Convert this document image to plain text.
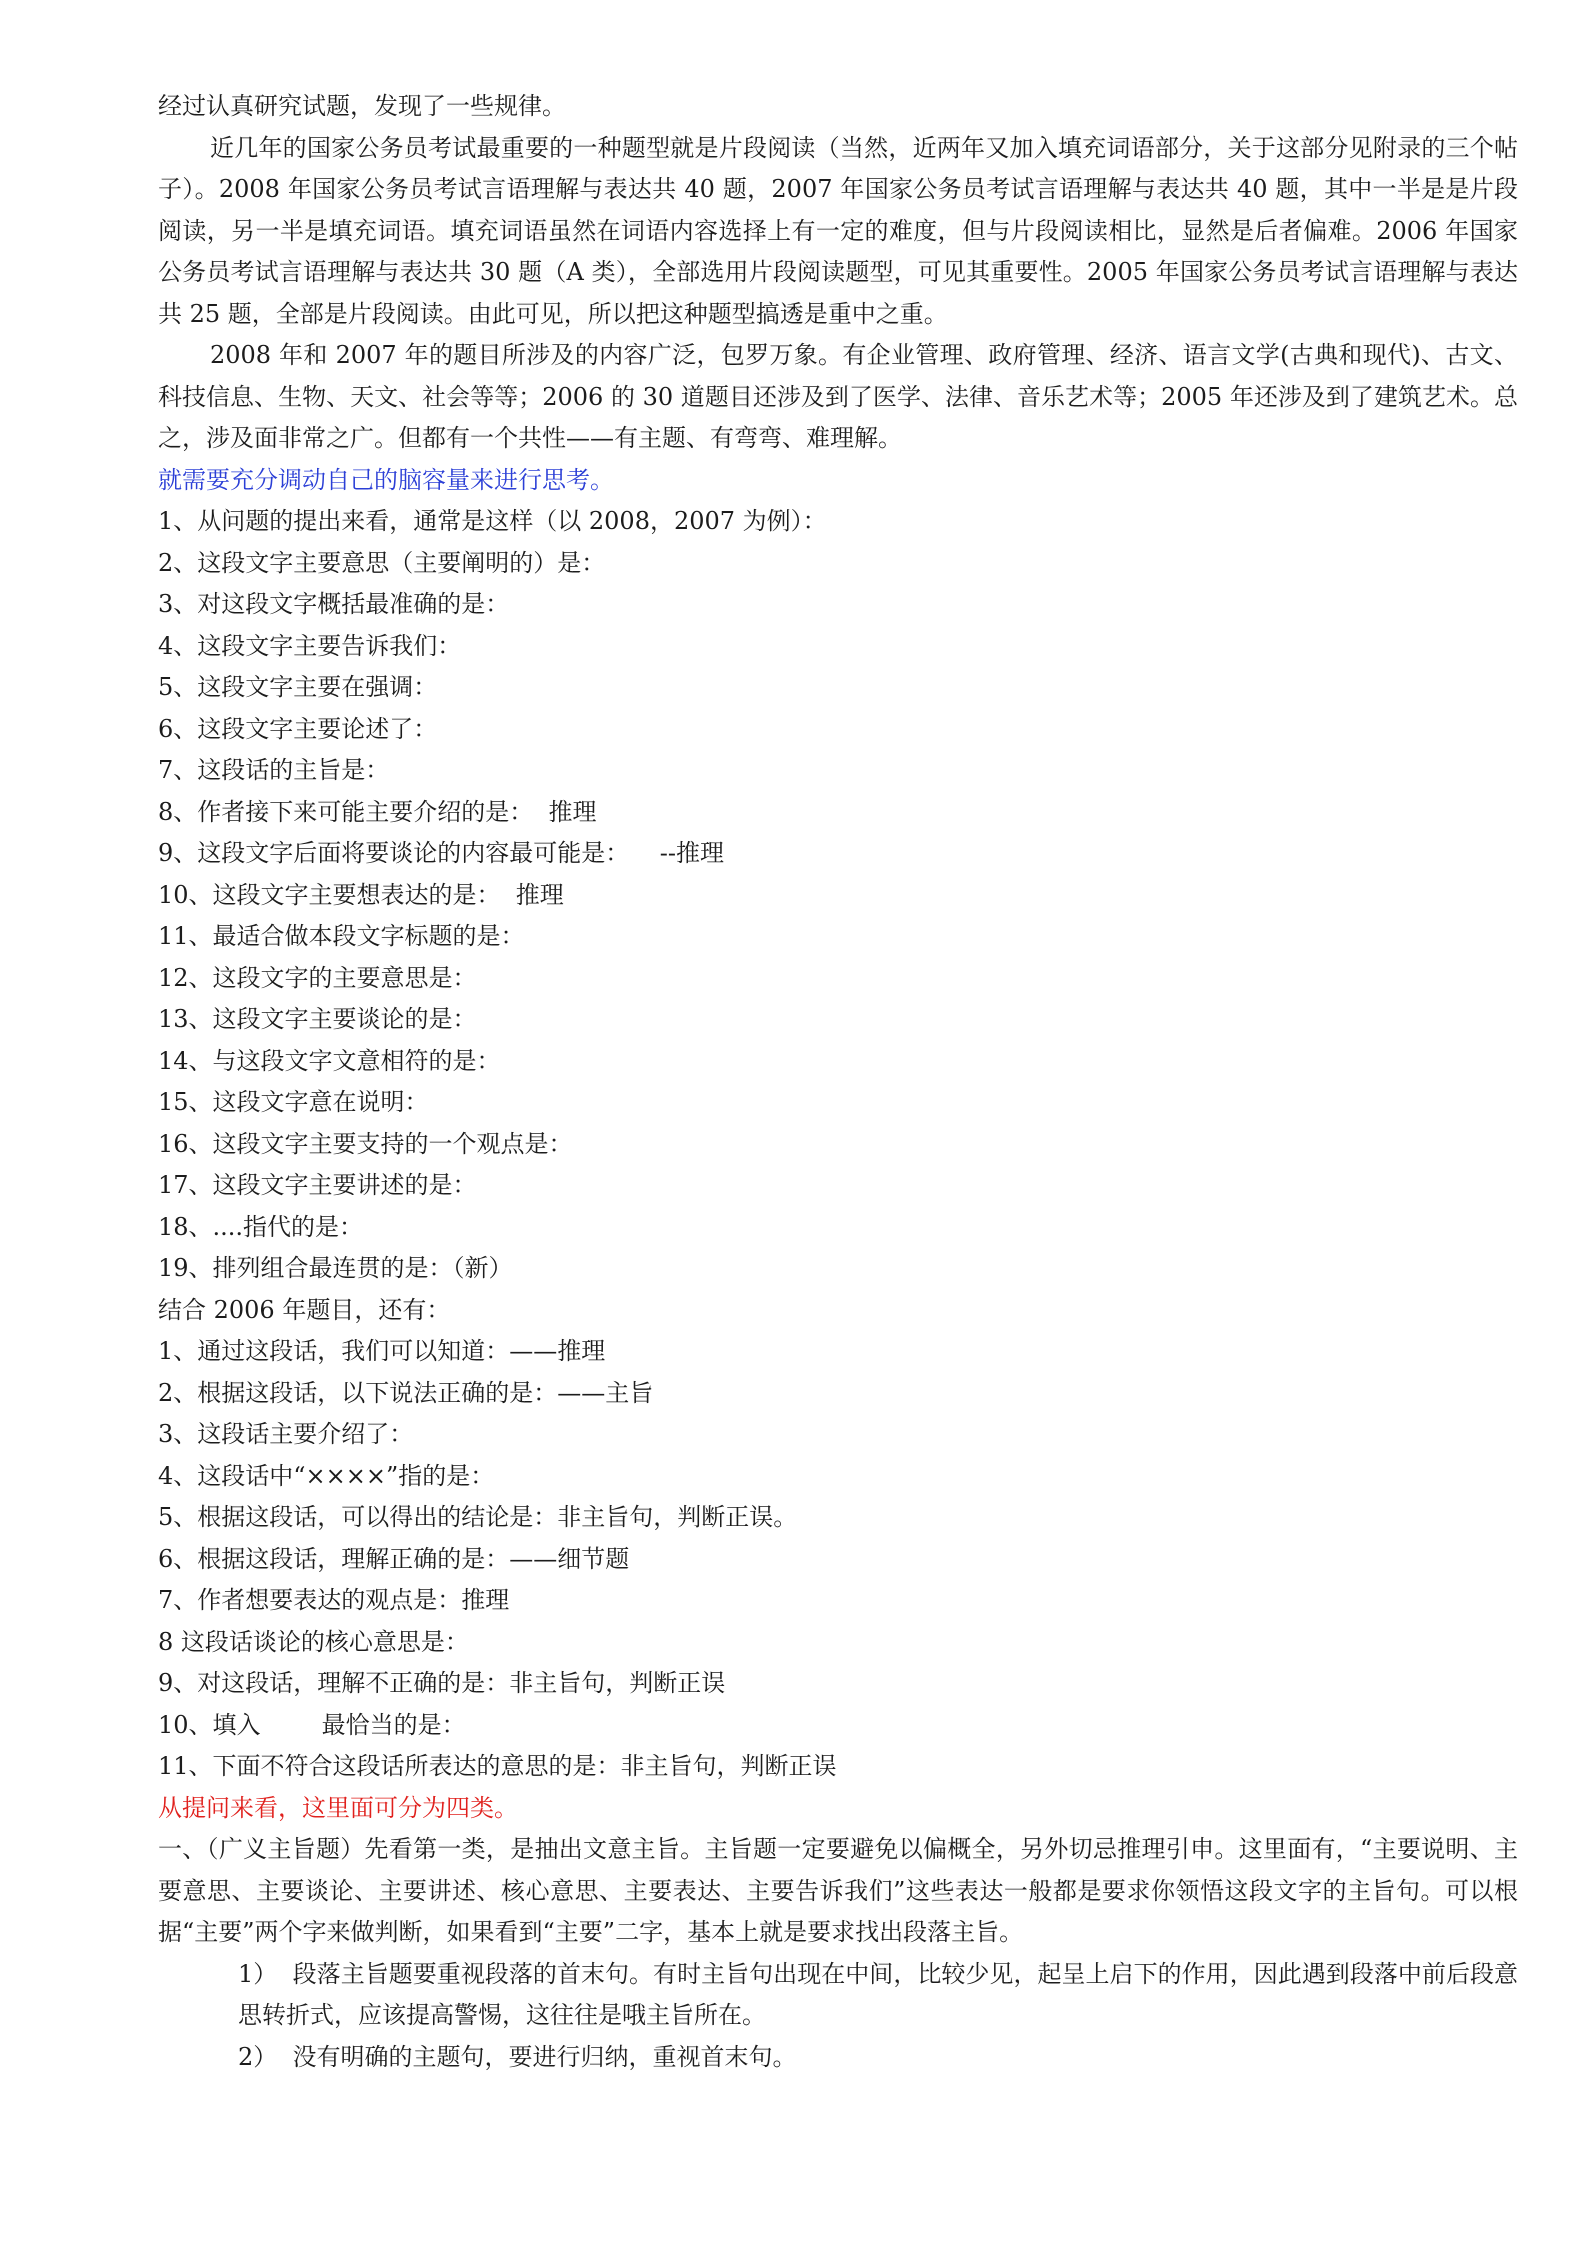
经过认真研究试题，发现了一些规律。
近几年的国家公务员考试最重要的一种题型就是片段阅读（当然，近两年又加入填充词语部分，关于这部分见附录的三个帖子）。2008 年国家公务员考试言语理解与表达共 40 题，2007 年国家公务员考试言语理解与表达共 40 题，其中一半是是片段阅读，另一半是填充词语。填充词语虽然在词语内容选择上有一定的难度，但与片段阅读相比，显然是后者偏难。2006 年国家公务员考试言语理解与表达共 30 题（A 类），全部选用片段阅读题型，可见其重要性。2005 年国家公务员考试言语理解与表达共 25 题，全部是片段阅读。由此可见，所以把这种题型搞透是重中之重。
2008 年和 2007 年的题目所涉及的内容广泛，包罗万象。有企业管理、政府管理、经济、语言文学(古典和现代)、古文、科技信息、生物、天文、社会等等；2006 的 30 道题目还涉及到了医学、法律、音乐艺术等；2005 年还涉及到了建筑艺术。总之，涉及面非常之广。但都有一个共性——有主题、有弯弯、难理解。
就需要充分调动自己的脑容量来进行思考。
1、从问题的提出来看，通常是这样（以 2008，2007 为例）：
2、这段文字主要意思（主要阐明的）是：
3、对这段文字概括最准确的是：
4、这段文字主要告诉我们：
5、这段文字主要在强调：
6、这段文字主要论述了：
7、这段话的主旨是：
8、作者接下来可能主要介绍的是：  推理
9、这段文字后面将要谈论的内容最可能是：    --推理
10、这段文字主要想表达的是：  推理
11、最适合做本段文字标题的是：
12、这段文字的主要意思是：
13、这段文字主要谈论的是：
14、与这段文字文意相符的是：
15、这段文字意在说明：
16、这段文字主要支持的一个观点是：
17、这段文字主要讲述的是：
18、....指代的是：
19、排列组合最连贯的是：（新）
结合 2006 年题目，还有：
1、通过这段话，我们可以知道：——推理
2、根据这段话，以下说法正确的是：——主旨
3、这段话主要介绍了：
4、这段话中“××××”指的是：
5、根据这段话，可以得出的结论是：非主旨句，判断正误。
6、根据这段话，理解正确的是：——细节题
7、作者想要表达的观点是：推理
8 这段话谈论的核心意思是：
9、对这段话，理解不正确的是：非主旨句，判断正误
10、填入        最恰当的是：
11、下面不符合这段话所表达的意思的是：非主旨句，判断正误
从提问来看，这里面可分为四类。
一、（广义主旨题）先看第一类，是抽出文意主旨。主旨题一定要避免以偏概全，另外切忌推理引申。这里面有，“主要说明、主要意思、主要谈论、主要讲述、核心意思、主要表达、主要告诉我们”这些表达一般都是要求你领悟这段文字的主旨句。可以根据“主要”两个字来做判断，如果看到“主要”二字，基本上就是要求找出段落主旨。
1）  段落主旨题要重视段落的首末句。有时主旨句出现在中间，比较少见，起呈上启下的作用，因此遇到段落中前后段意思转折式，应该提高警惕，这往往是哦主旨所在。
2）  没有明确的主题句，要进行归纳，重视首末句。
